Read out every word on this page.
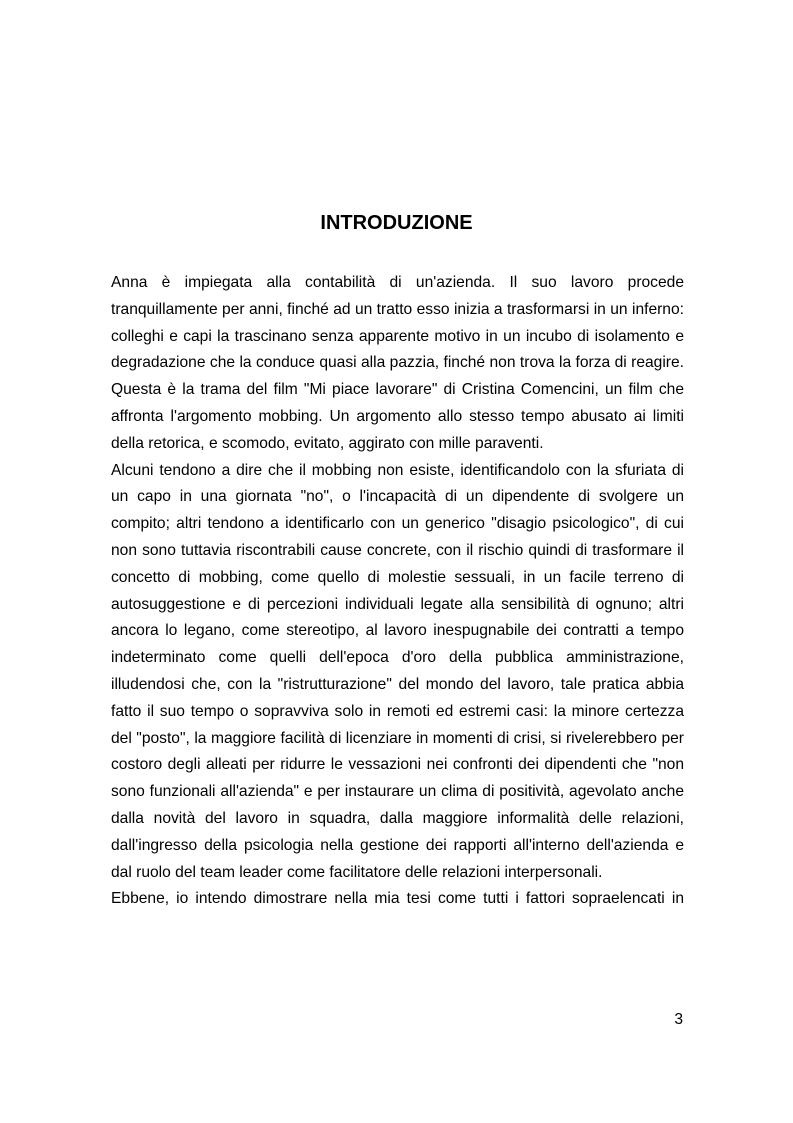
INTRODUZIONE

Anna è impiegata alla contabilità di un'azienda. Il suo lavoro procede tranquillamente per anni, finché ad un tratto esso inizia a trasformarsi in un inferno: colleghi e capi la trascinano senza apparente motivo in un incubo di isolamento e degradazione che la conduce quasi alla pazzia, finché non trova la forza di reagire. Questa è la trama del film "Mi piace lavorare" di Cristina Comencini, un film che affronta l'argomento mobbing. Un argomento allo stesso tempo abusato ai limiti della retorica, e scomodo, evitato, aggirato con mille paraventi.

Alcuni tendono a dire che il mobbing non esiste, identificandolo con la sfuriata di un capo in una giornata "no", o l'incapacità di un dipendente di svolgere un compito; altri tendono a identificarlo con un generico "disagio psicologico", di cui non sono tuttavia riscontrabili cause concrete, con il rischio quindi di trasformare il concetto di mobbing, come quello di molestie sessuali, in un facile terreno di autosuggestione e di percezioni individuali legate alla sensibilità di ognuno; altri ancora lo legano, come stereotipo, al lavoro inespugnabile dei contratti a tempo indeterminato come quelli dell'epoca d'oro della pubblica amministrazione, illudendosi che, con la "ristrutturazione" del mondo del lavoro, tale pratica abbia fatto il suo tempo o sopravviva solo in remoti ed estremi casi: la minore certezza del "posto", la maggiore facilità di licenziare in momenti di crisi, si rivelerebbero per costoro degli alleati per ridurre le vessazioni nei confronti dei dipendenti che "non sono funzionali all'azienda" e per instaurare un clima di positività, agevolato anche dalla novità del lavoro in squadra, dalla maggiore informalità delle relazioni, dall'ingresso della psicologia nella gestione dei rapporti all'interno dell'azienda e dal ruolo del team leader come facilitatore delle relazioni interpersonali.

Ebbene, io intendo dimostrare nella mia tesi come tutti i fattori sopraelencati in

3
